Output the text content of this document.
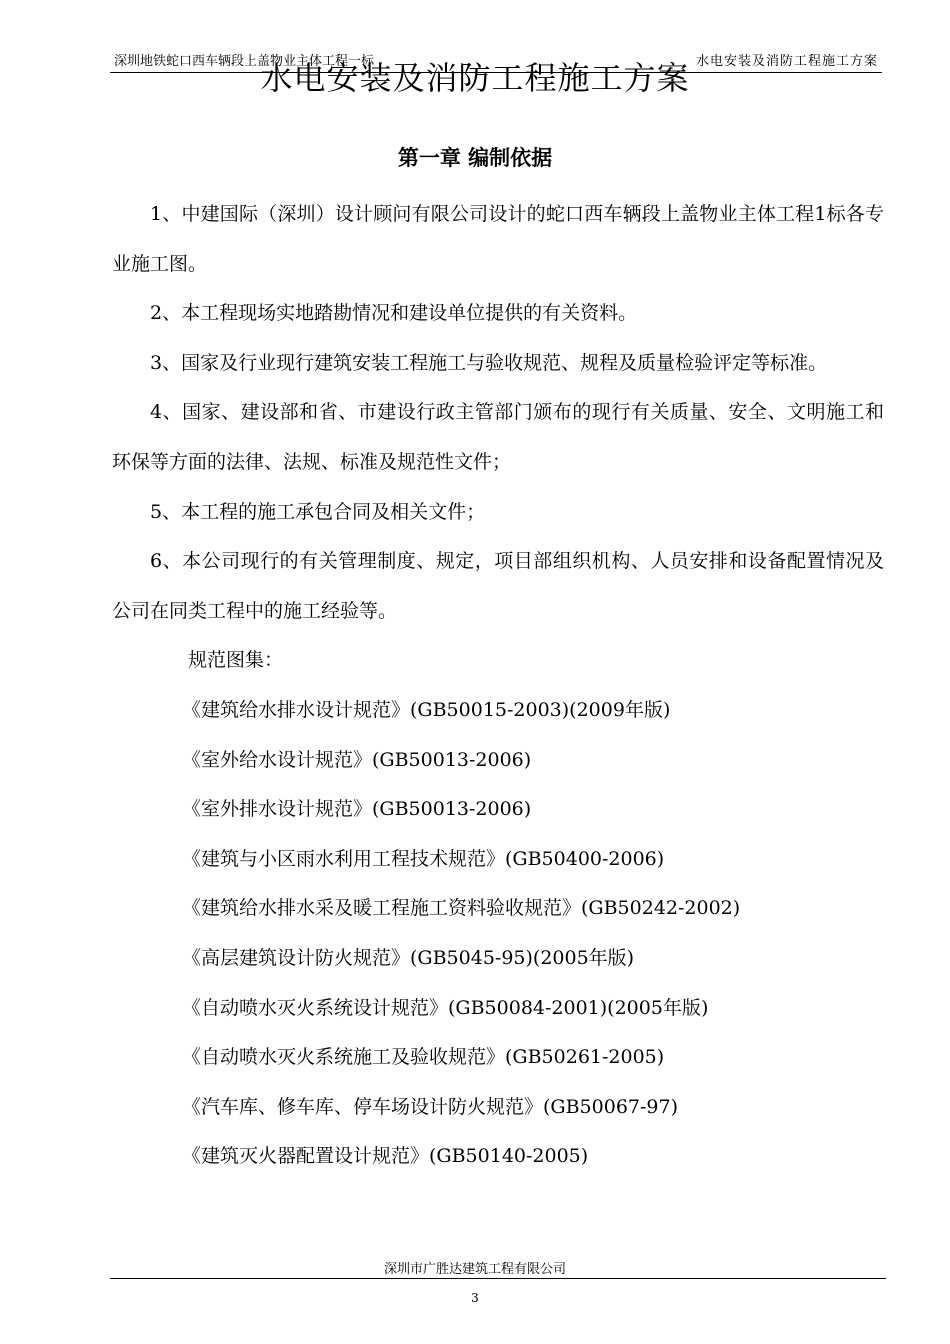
深圳地铁蛇口西车辆段上盖物业主体工程一标	水电安装及消防工程施工方案
水电安装及消防工程施工方案
第一章 编制依据

1、中建国际（深圳）设计顾问有限公司设计的蛇口西车辆段上盖物业主体工程1标各专业施工图。

2、本工程现场实地踏勘情况和建设单位提供的有关资料。

3、国家及行业现行建筑安装工程施工与验收规范、规程及质量检验评定等标准。

4、国家、建设部和省、市建设行政主管部门颁布的现行有关质量、安全、文明施工和环保等方面的法律、法规、标准及规范性文件；

5、本工程的施工承包合同及相关文件；

6、本公司现行的有关管理制度、规定，项目部组织机构、人员安排和设备配置情况及公司在同类工程中的施工经验等。

规范图集：

《建筑给水排水设计规范》(GB50015-2003)(2009年版)

《室外给水设计规范》(GB50013-2006)

《室外排水设计规范》(GB50013-2006)

《建筑与小区雨水利用工程技术规范》(GB50400-2006)

《建筑给水排水采及暖工程施工资料验收规范》(GB50242-2002)

《高层建筑设计防火规范》(GB5045-95)(2005年版)

《自动喷水灭火系统设计规范》(GB50084-2001)(2005年版)

《自动喷水灭火系统施工及验收规范》(GB50261-2005)

《汽车库、修车库、停车场设计防火规范》(GB50067-97)

《建筑灭火器配置设计规范》(GB50140-2005)

深圳市广胜达建筑工程有限公司
3
